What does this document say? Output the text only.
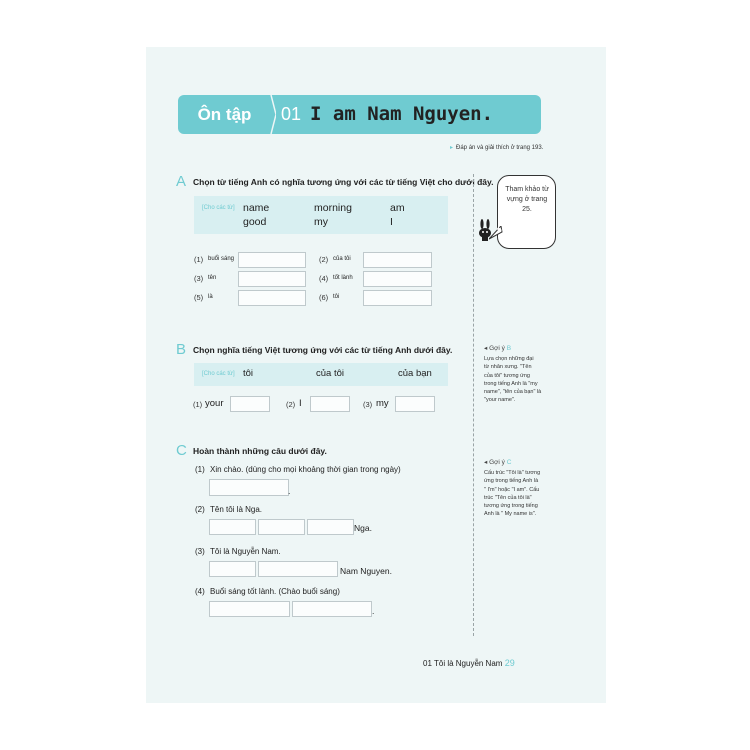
Ôn tập	01 I am Nam Nguyen.
▸ Đáp án và giải thích ở trang 193.
A Chọn từ tiếng Anh có nghĩa tương ứng với các từ tiếng Việt cho dưới đây.
[Cho các từ] name	morning	am
good	my	I
(1) buổi sáng	(2) của tôi
(3) tên	(4) tốt lành
(5) là	(6) tôi
B Chọn nghĩa tiếng Việt tương ứng với các từ tiếng Anh dưới đây.
[Cho các từ] tôi	của tôi	của bạn
(1) your	(2) I	(3) my
C Hoàn thành những câu dưới đây.
(1) Xin chào. (dùng cho mọi khoảng thời gian trong ngày)
.
(2) Tên tôi là Nga.
Nga.
(3) Tôi là Nguyễn Nam.
Nam Nguyen.
(4) Buổi sáng tốt lành. (Chào buổi sáng)
.
Tham khảo từ vựng ở trang 25.
◂ Gợi ý B
Lựa chọn những đại
từ nhân xưng. "Tên
của tôi" tương ứng
trong tiếng Anh là "my
name", "tên của bạn" là
"your name".
◂ Gợi ý C
Cấu trúc "Tôi là" tương
ứng trong tiếng Anh là
" I'm" hoặc "I am". Cấu
trúc "Tên của tôi là"
tương ứng trong tiếng
Anh là " My name is".
01 Tôi là Nguyễn Nam 29
